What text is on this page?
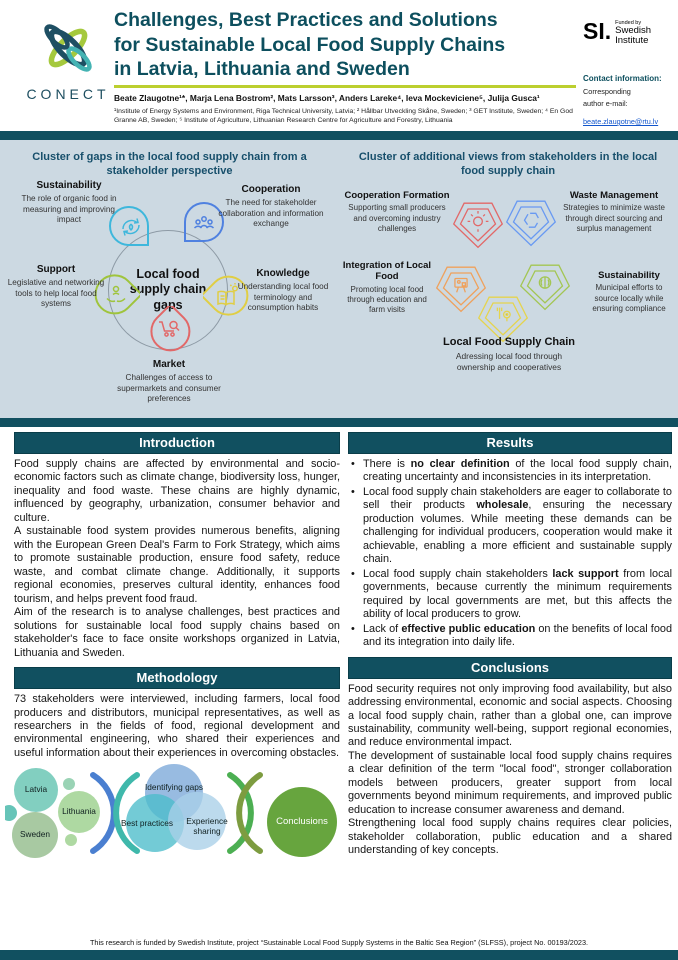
CONECT
Challenges, Best Practices and Solutions
for Sustainable Local Food Supply Chains
in Latvia, Lithuania and Sweden
Beate Zlaugotne¹*, Marja Lena Bostrom², Mats Larsson³, Anders Lareke⁴, Ieva Mockeviciene⁵, Julija Gusca¹
¹Institute of Energy Systems and Environment, Riga Technical University, Latvia; ² Hållbar Utveckling Skåne, Sweden; ³ GET Institute, Sweden; ⁴ En God Granne AB, Sweden; ⁵ Institute of Agriculture, Lithuanian Research Centre for Agriculture and Forestry, Lithuania
SI. Funded by
Swedish
Institute
Contact information:
Corresponding
author e-mail:
beate.zlaugotne@rtu.lv
Cluster of gaps in the local food supply chain from a stakeholder perspective
Local food supply chain gaps
Sustainability
The role of organic food in measuring and improving impact
Cooperation
The need for stakeholder collaboration and information exchange
Support
Legislative and networking tools to help local food systems
Knowledge
Understanding local food terminology and consumption habits
Market
Challenges of access to supermarkets and consumer preferences
Cluster of additional views from stakeholders in the local food supply chain
Cooperation Formation
Supporting small producers and overcoming industry challenges
Waste Management
Strategies to minimize waste through direct sourcing and surplus management
Integration of Local Food
Promoting local food through education and farm visits
Sustainability
Municipal efforts to source locally while ensuring compliance
Local Food Supply Chain
Adressing local food through ownership and cooperatives
Introduction

Food supply chains are affected by environmental and socio-economic factors such as climate change, biodiversity loss, hunger, inequality and food waste. These chains are highly dynamic, influenced by geography, urbanization, consumer behavior and culture.

A sustainable food system provides numerous benefits, aligning with the European Green Deal's Farm to Fork Strategy, which aims to promote sustainable production, ensure food safety, reduce waste, and combat climate change. Additionally, it supports regional economies, preserves cultural identity, enhances food tourism, and helps prevent food fraud.

Aim of the research is to analyse challenges, best practices and solutions for sustainable local food supply chains based on stakeholder's face to face onsite workshops organized in Latvia, Lithuania and Sweden.

Methodology

73 stakeholders were interviewed, including farmers, local food producers and distributors, municipal representatives, as well as researchers in the fields of food, regional development and environmental engineering, who shared their experiences and useful information about their experiences in overcoming obstacles.

Latvia
Lithuania
Sweden
Identifying gaps
Best practices	Experience sharing
Conclusions
Results
• There is no clear definition of the local food supply chain, creating uncertainty and inconsistencies in its interpretation.
• Local food supply chain stakeholders are eager to collaborate to sell their products wholesale, ensuring the necessary production volumes. While meeting these demands can be challenging for individual producers, cooperation would make it achievable, enabling a more efficient and sustainable supply chain.
• Local food supply chain stakeholders lack support from local governments, because currently the minimum requirements required by local governments are met, but this affects the ability of local producers to grow.
• Lack of effective public education on the benefits of local food and its integration into daily life.
Conclusions

Food security requires not only improving food availability, but also addressing environmental, economic and social aspects. Choosing a local food supply chain, rather than a global one, can improve sustainability, community well-being, support regional economies, and reduce environmental impact.

The development of sustainable local food supply chains requires a clear definition of the term "local food", stronger collaboration models between producers, greater support from local governments beyond minimum requirements, and improved public education to increase consumer awareness and demand.

Strengthening local food supply chains requires clear policies, stakeholder collaboration, public education and a shared understanding of key concepts.

This research is funded by Swedish Institute, project “Sustainable Local Food Supply Systems in the Baltic Sea Region” (SLFSS), project No. 00193/2023.
